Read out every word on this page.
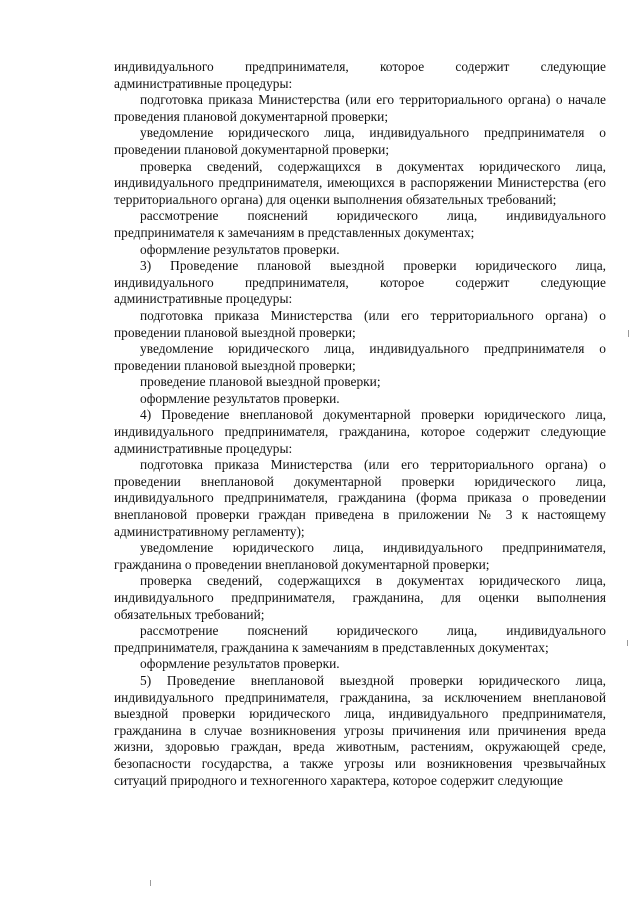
индивидуального предпринимателя, которое содержит следующие административные процедуры:

подготовка приказа Министерства (или его территориального органа) о начале проведения плановой документарной проверки;

уведомление юридического лица, индивидуального предпринимателя о проведении плановой документарной проверки;

проверка сведений, содержащихся в документах юридического лица, индивидуального предпринимателя, имеющихся в распоряжении Министерства (его территориального органа) для оценки выполнения обязательных требований;

рассмотрение пояснений юридического лица, индивидуального предпринимателя к замечаниям в представленных документах;

оформление результатов проверки.

3) Проведение плановой выездной проверки юридического лица, индивидуального предпринимателя, которое содержит следующие административные процедуры:

подготовка приказа Министерства (или его территориального органа) о проведении плановой выездной проверки;

уведомление юридического лица, индивидуального предпринимателя о проведении плановой выездной проверки;

проведение плановой выездной проверки;

оформление результатов проверки.

4) Проведение внеплановой документарной проверки юридического лица, индивидуального предпринимателя, гражданина, которое содержит следующие административные процедуры:

подготовка приказа Министерства (или его территориального органа) о проведении внеплановой документарной проверки юридического лица, индивидуального предпринимателя, гражданина (форма приказа о проведении внеплановой проверки граждан приведена в приложении № 3 к настоящему административному регламенту);

уведомление юридического лица, индивидуального предпринимателя, гражданина о проведении внеплановой документарной проверки;

проверка сведений, содержащихся в документах юридического лица, индивидуального предпринимателя, гражданина, для оценки выполнения обязательных требований;

рассмотрение пояснений юридического лица, индивидуального предпринимателя, гражданина к замечаниям в представленных документах;

оформление результатов проверки.

5) Проведение внеплановой выездной проверки юридического лица, индивидуального предпринимателя, гражданина, за исключением внеплановой выездной проверки юридического лица, индивидуального предпринимателя, гражданина в случае возникновения угрозы причинения или причинения вреда жизни, здоровью граждан, вреда животным, растениям, окружающей среде, безопасности государства, а также угрозы или возникновения чрезвычайных ситуаций природного и техногенного характера, которое содержит следующие
